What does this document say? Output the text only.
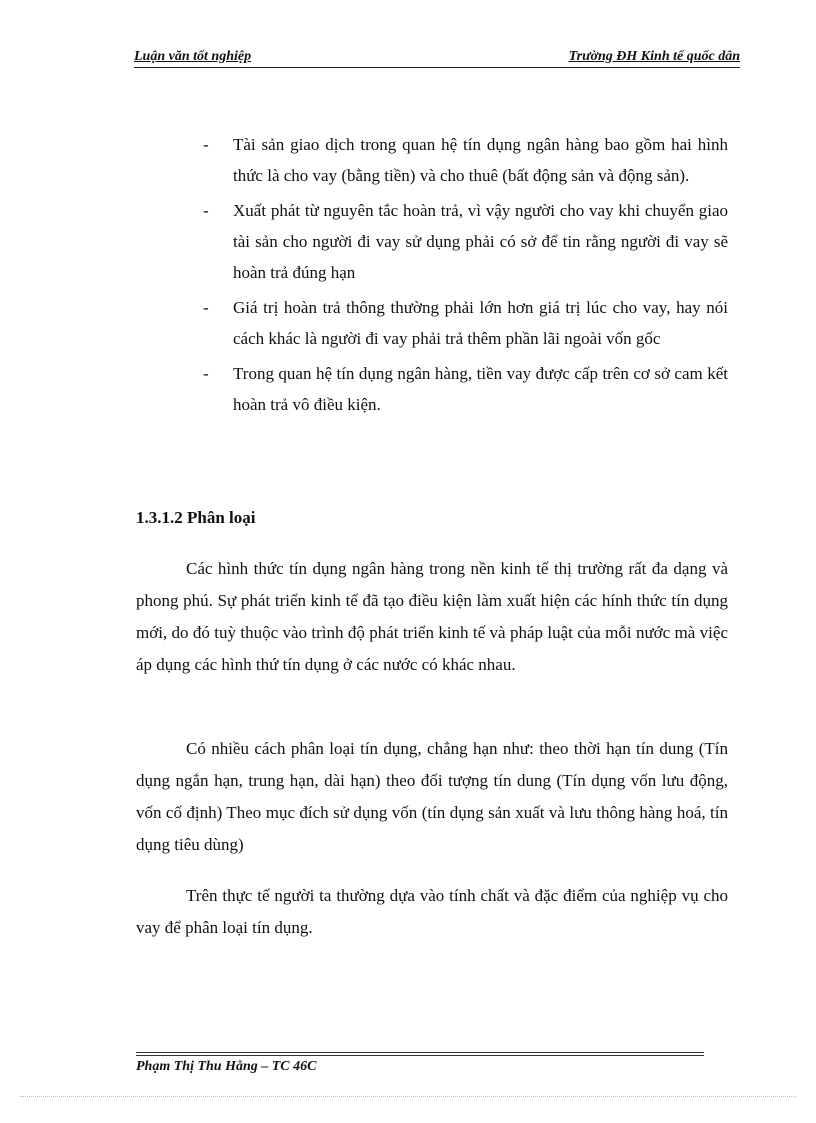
Luận văn tốt nghiệp	Trường ĐH Kinh tế quốc dân
- Tài sản giao dịch trong quan hệ tín dụng ngân hàng bao gồm hai hình thức là cho vay (bằng tiền) và cho thuê (bất động sản và động sản).
- Xuất phát từ nguyên tắc hoàn trả, vì vậy người cho vay khi chuyển giao tài sản cho người đi vay sử dụng phải có sở để tin rằng người đi vay sẽ hoàn trả đúng hạn
- Giá trị hoàn trả thông thường phải lớn hơn giá trị lúc cho vay, hay nói cách khác là người đi vay phải trả thêm phần lãi ngoài vốn gốc
- Trong quan hệ tín dụng ngân hàng, tiền vay được cấp trên cơ sở cam kết hoàn trả vô điều kiện.
1.3.1.2 Phân loại

Các hình thức tín dụng ngân hàng trong nền kinh tế thị trường rất đa dạng và phong phú. Sự phát triển kinh tế đã tạo điều kiện làm xuất hiện các hính thức tín dụng mới, do đó tuỳ thuộc vào trình độ phát triển kinh tế và pháp luật của mỗi nước mà việc áp dụng các hình thứ tín dụng ở các nước có khác nhau.

Có nhiều cách phân loại tín dụng, chẳng hạn như: theo thời hạn tín dung (Tín dụng ngắn hạn, trung hạn, dài hạn) theo đối tượng tín dung (Tín dụng vốn lưu động, vốn cố định) Theo mục đích sử dụng vốn (tín dụng sản xuất và lưu thông hàng hoá, tín dụng tiêu dùng)

Trên thực tế người ta thường dựa vào tính chất và đặc điểm của nghiệp vụ cho vay để phân loại tín dụng.

Phạm Thị Thu Hằng – TC 46C
